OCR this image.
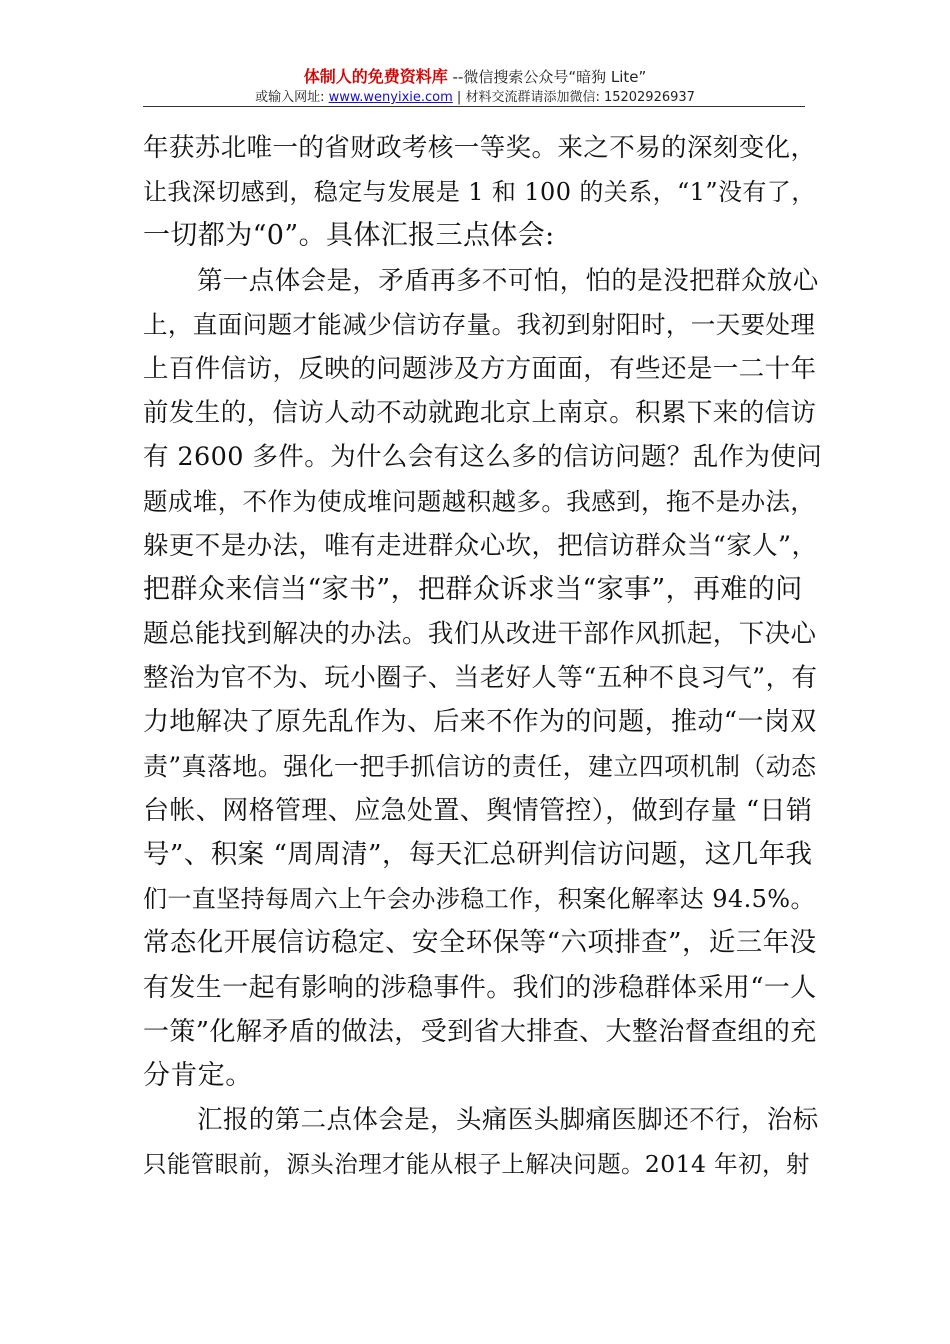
体制人的免费资料库 --微信搜索公众号“暗狗 Lite”
或输入网址: www.wenyixie.com | 材料交流群请添加微信: 15202926937
年获苏北唯一的省财政考核一等奖。来之不易的深刻变化，
让我深切感到，稳定与发展是 1 和 100 的关系，“1”没有了，
一切都为“0”。具体汇报三点体会:
第一点体会是，矛盾再多不可怕，怕的是没把群众放心
上，直面问题才能减少信访存量。我初到射阳时，一天要处理
上百件信访，反映的问题涉及方方面面，有些还是一二十年
前发生的，信访人动不动就跑北京上南京。积累下来的信访
有 2600 多件。为什么会有这么多的信访问题？乱作为使问
题成堆，不作为使成堆问题越积越多。我感到，拖不是办法，
躲更不是办法，唯有走进群众心坎，把信访群众当“家人”，
把群众来信当“家书”，把群众诉求当“家事”，再难的问
题总能找到解决的办法。我们从改进干部作风抓起，下决心
整治为官不为、玩小圈子、当老好人等“五种不良习气”，有
力地解决了原先乱作为、后来不作为的问题，推动“一岗双
责”真落地。强化一把手抓信访的责任，建立四项机制（动态
台帐、网格管理、应急处置、舆情管控），做到存量 “日销
号”、积案 “周周清”，每天汇总研判信访问题，这几年我
们一直坚持每周六上午会办涉稳工作，积案化解率达 94.5%。
常态化开展信访稳定、安全环保等“六项排查”，近三年没
有发生一起有影响的涉稳事件。我们的涉稳群体采用“一人
一策”化解矛盾的做法，受到省大排查、大整治督查组的充
分肯定。
汇报的第二点体会是，头痛医头脚痛医脚还不行，治标
只能管眼前，源头治理才能从根子上解决问题。2014 年初，射
